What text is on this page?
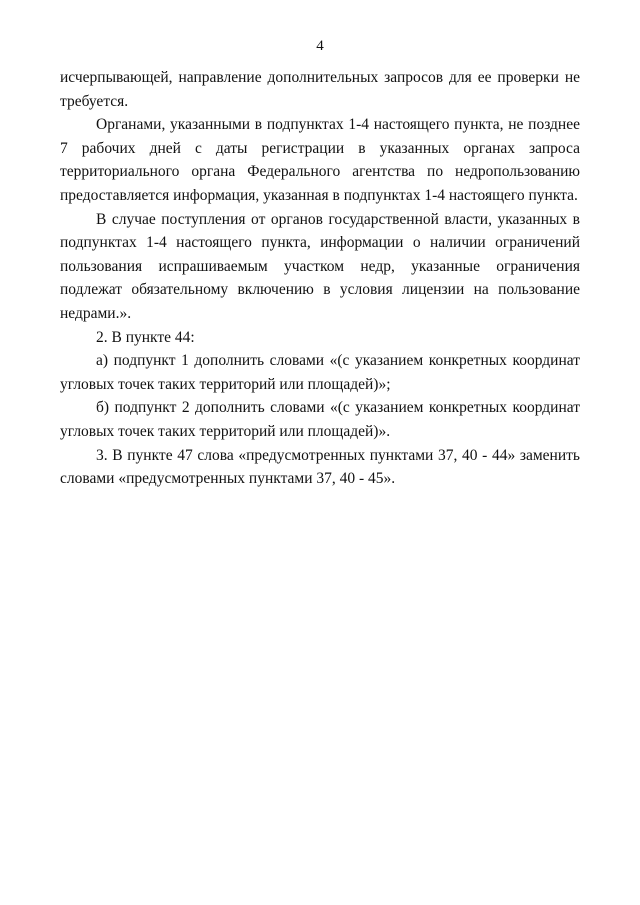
4

исчерпывающей, направление дополнительных запросов для ее проверки не требуется.

Органами, указанными в подпунктах 1-4 настоящего пункта, не позднее 7 рабочих дней с даты регистрации в указанных органах запроса территориального органа Федерального агентства по недропользованию предоставляется информация, указанная в подпунктах 1-4 настоящего пункта.

В случае поступления от органов государственной власти, указанных в подпунктах 1-4 настоящего пункта, информации о наличии ограничений пользования испрашиваемым участком недр, указанные ограничения подлежат обязательному включению в условия лицензии на пользование недрами.».

2. В пункте 44:

а) подпункт 1 дополнить словами «(с указанием конкретных координат угловых точек таких территорий или площадей)»;

б) подпункт 2 дополнить словами «(с указанием конкретных координат угловых точек таких территорий или площадей)».

3. В пункте 47 слова «предусмотренных пунктами 37, 40 - 44» заменить словами «предусмотренных пунктами 37, 40 - 45».
